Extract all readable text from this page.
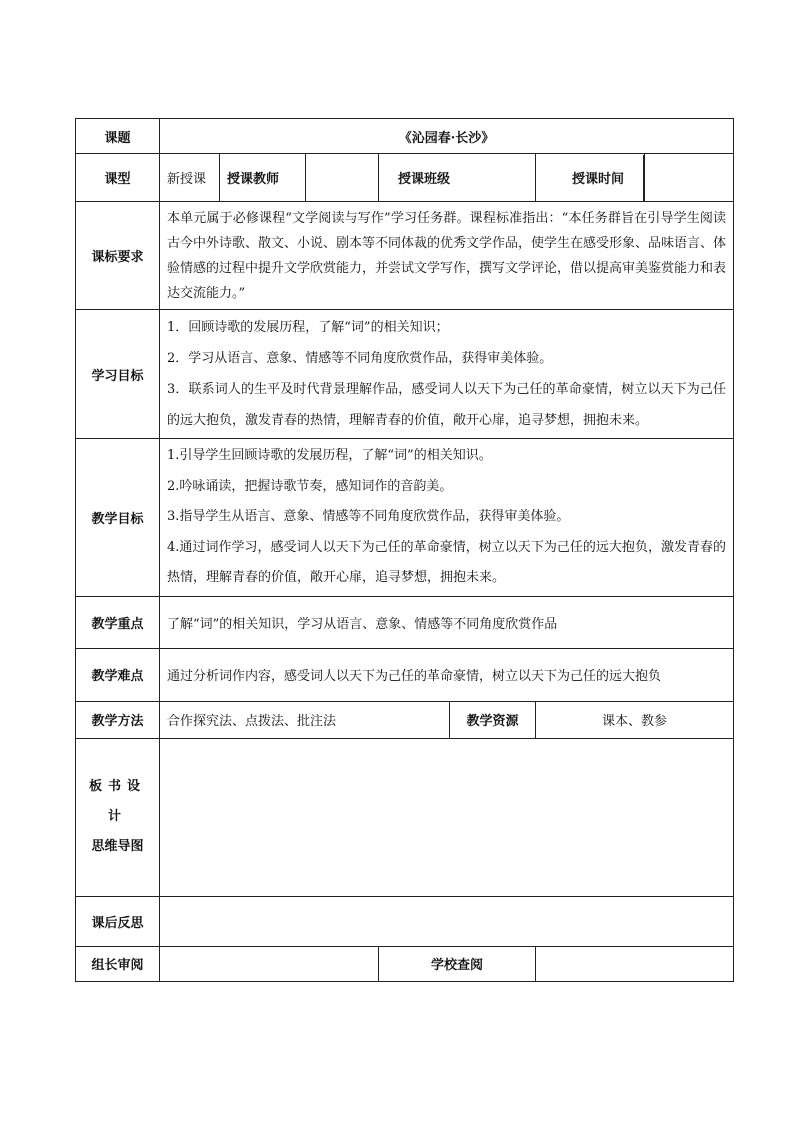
课题	《沁园春·长沙》						
课型	新授课	授课教师		授课班级			授课时间

课标要求	本单元属于必修课程“文学阅读与写作”学习任务群。课程标准指出：“本任务群旨在引导学生阅读古今中外诗歌、散文、小说、剧本等不同体裁的优秀文学作品，使学生在感受形象、品味语言、体验情感的过程中提升文学欣赏能力，并尝试文学写作，撰写文学评论，借以提高审美鉴赏能力和表达交流能力。”						
学习目标	1．回顾诗歌的发展历程，了解“词”的相关知识；
2．学习从语言、意象、情感等不同角度欣赏作品，获得审美体验。
3．联系词人的生平及时代背景理解作品，感受词人以天下为己任的革命豪情，树立以天下为己任的远大抱负，激发青春的热情，理解青春的价值，敞开心扉，追寻梦想，拥抱未来。						

教学目标	1.引导学生回顾诗歌的发展历程，了解“词”的相关知识。
2.吟咏诵读，把握诗歌节奏，感知词作的音韵美。
3.指导学生从语言、意象、情感等不同角度欣赏作品，获得审美体验。
4.通过词作学习，感受词人以天下为己任的革命豪情，树立以天下为己任的远大抱负，激发青春的热情，理解青春的价值，敞开心扉，追寻梦想，拥抱未来。						

教学重点	了解“词”的相关知识，学习从语言、意象、情感等不同角度欣赏作品						
教学难点	通过分析词作内容，感受词人以天下为己任的革命豪情，树立以天下为己任的远大抱负						
教学方法	合作探究法、点拨法、批注法				教学资源	课本、教参	

板书设计
思维导图							

课后反思							
组长审阅				学校查阅			
